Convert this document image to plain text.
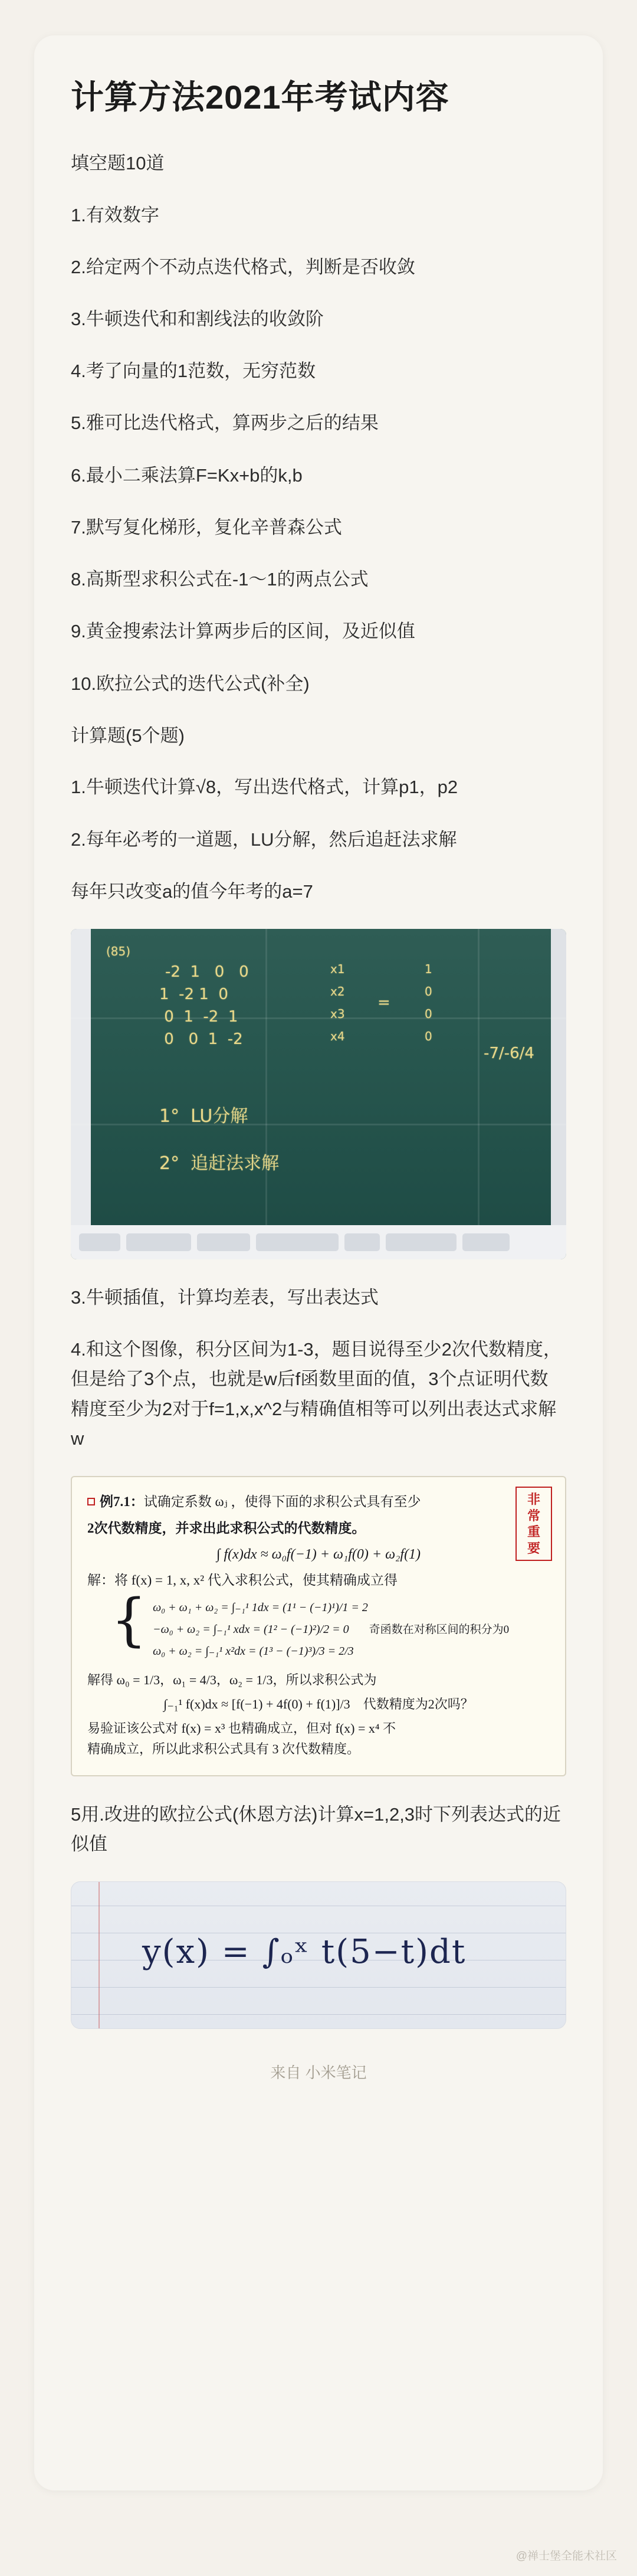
计算方法2021年考试内容
填空题10道
1.有效数字
2.给定两个不动点迭代格式，判断是否收敛
3.牛顿迭代和和割线法的收敛阶
4.考了向量的1范数，无穷范数
5.雅可比迭代格式，算两步之后的结果
6.最小二乘法算F=Kx+b的k,b
7.默写复化梯形，复化辛普森公式
8.高斯型求积公式在-1～1的两点公式
9.黄金搜索法计算两步后的区间，及近似值
10.欧拉公式的迭代公式(补全)
计算题(5个题)
1.牛顿迭代计算√8，写出迭代格式，计算p1，p2
2.每年必考的一道题，LU分解，然后追赶法求解
每年只改变a的值今年考的a=7
(85)
-2  1   0   0
1  -2 1  0
0  1  -2  1
0   0  1  -2
x1
x2
x3
x4
=
1
0
0
0
-7/-6/4
1°  LU分解
2°  追赶法求解
3.牛顿插值，计算均差表，写出表达式
4.和这个图像，积分区间为1-3，题目说得至少2次代数精度，但是给了3个点，也就是w后f函数里面的值，3个点证明代数精度至少为2对于f=1,x,x^2与精确值相等可以列出表达式求解w
非常重要
例7.1：试确定系数 ωⱼ ，使得下面的求积公式具有至少
2次代数精度，并求出此求积公式的代数精度。
∫ f(x)dx ≈ ω₀f(−1) + ω₁f(0) + ω₂f(1)
解：将 f(x) = 1, x, x² 代入求积公式，使其精确成立得
{ ω₀ + ω₁ + ω₂ = ∫₋₁¹ 1dx = (1¹ − (−1)¹)/1 = 2
−ω₀ + ω₂ = ∫₋₁¹ xdx = (1² − (−1)²)/2 = 0 奇函数在对称区间的积分为0
ω₀ + ω₂ = ∫₋₁¹ x²dx = (1³ − (−1)³)/3 = 2/3
解得 ω₀ = 1/3，ω₁ = 4/3，ω₂ = 1/3，所以求积公式为
∫₋₁¹ f(x)dx ≈ [f(−1) + 4f(0) + f(1)]/3 代数精度为2次吗？
易验证该公式对 f(x) = x³ 也精确成立，但对 f(x) = x⁴ 不
精确成立，所以此求积公式具有 3 次代数精度。
5用.改进的欧拉公式(休恩方法)计算x=1,2,3时下列表达式的近似值
y(x) = ∫ₒˣ t(5−t)dt
来自 小米笔记
@禅士堡全能术社区
